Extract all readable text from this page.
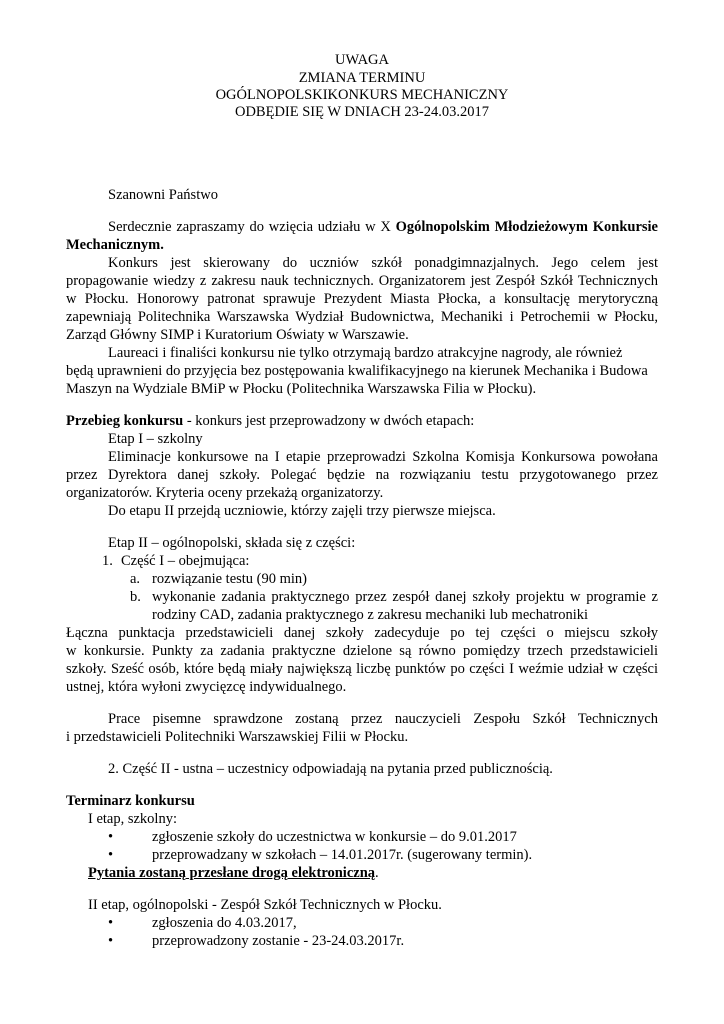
UWAGA
ZMIANA TERMINU
OGÓLNOPOLSKIKONKURS MECHANICZNY
ODBĘDIE SIĘ W DNIACH 23-24.03.2017
Szanowni Państwo
Serdecznie zapraszamy do wzięcia udziału w X Ogólnopolskim Młodzieżowym Konkursie
Mechanicznym.
Konkurs jest skierowany do uczniów szkół ponadgimnazjalnych. Jego celem jest
propagowanie wiedzy z zakresu nauk technicznych. Organizatorem jest Zespół Szkół Technicznych
w Płocku. Honorowy patronat sprawuje Prezydent Miasta Płocka, a konsultację merytoryczną
zapewniają Politechnika Warszawska Wydział Budownictwa, Mechaniki i Petrochemii w Płocku,
Zarząd Główny SIMP i Kuratorium Oświaty w Warszawie.
Laureaci i finaliści konkursu nie tylko otrzymają bardzo atrakcyjne nagrody, ale również
będą uprawnieni do przyjęcia bez postępowania kwalifikacyjnego na kierunek Mechanika i Budowa
Maszyn na Wydziale BMiP w Płocku (Politechnika Warszawska Filia w Płocku).
Przebieg konkursu - konkurs jest przeprowadzony w dwóch etapach:
Etap I – szkolny
Eliminacje konkursowe na I etapie przeprowadzi Szkolna Komisja Konkursowa powołana
przez Dyrektora danej szkoły. Polegać będzie na rozwiązaniu testu przygotowanego przez
organizatorów. Kryteria oceny przekażą organizatorzy.
Do etapu II przejdą uczniowie, którzy zajęli trzy pierwsze miejsca.
Etap II – ogólnopolski, składa się z części:
1. Część I – obejmująca:
a. rozwiązanie testu (90 min)
b. wykonanie zadania praktycznego przez zespół danej szkoły projektu w programie z
rodziny CAD, zadania praktycznego z zakresu mechaniki lub mechatroniki
Łączna punktacja przedstawicieli danej szkoły zadecyduje po tej części o miejscu szkoły
w konkursie. Punkty za zadania praktyczne dzielone są równo pomiędzy trzech przedstawicieli
szkoły. Sześć osób, które będą miały największą liczbę punktów po części I weźmie udział w części
ustnej, która wyłoni zwycięzcę indywidualnego.
Prace pisemne sprawdzone zostaną przez nauczycieli Zespołu Szkół Technicznych
i przedstawicieli Politechniki Warszawskiej Filii w Płocku.
2. Część II - ustna – uczestnicy odpowiadają na pytania przed publicznością.
Terminarz konkursu
I etap, szkolny:
•	zgłoszenie szkoły do uczestnictwa w konkursie – do 9.01.2017
•	przeprowadzany w szkołach – 14.01.2017r. (sugerowany termin).
Pytania zostaną przesłane drogą elektroniczną.
II etap, ogólnopolski - Zespół Szkół Technicznych w Płocku.
•	zgłoszenia do 4.03.2017,
•	przeprowadzony zostanie - 23-24.03.2017r.
